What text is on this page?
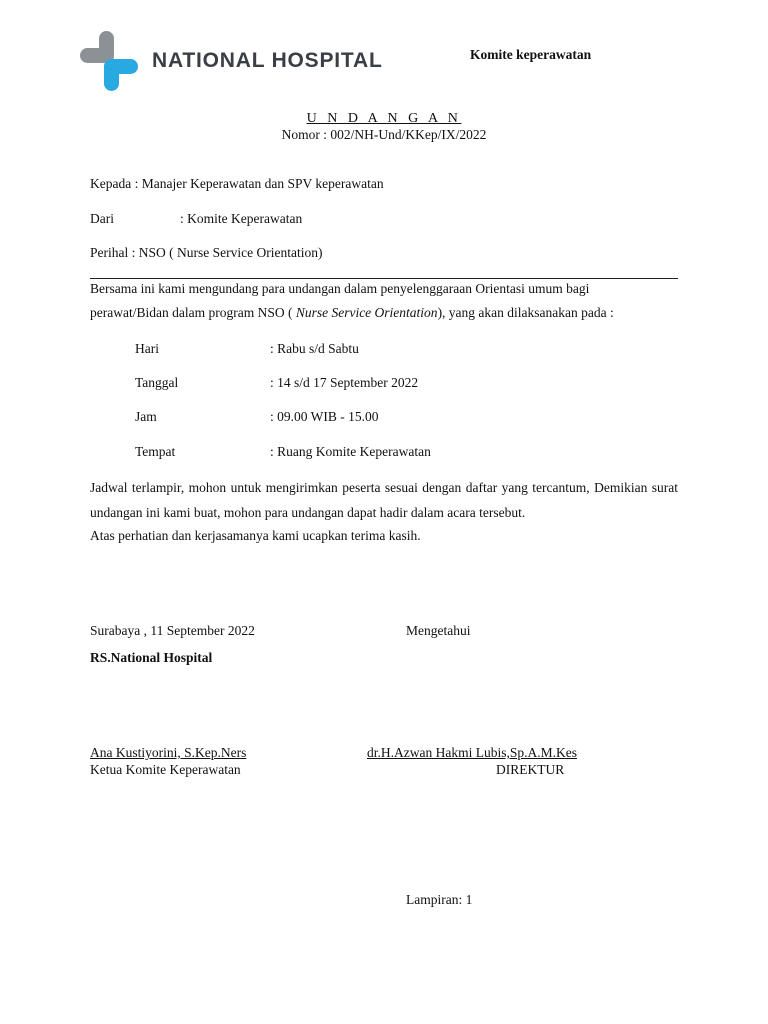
NATIONAL HOSPITAL	Komite keperawatan
U N D A N G A N
Nomor : 002/NH-Und/KKep/IX/2022
Kepada : Manajer Keperawatan dan SPV keperawatan
Dari	: Komite Keperawatan
Perihal : NSO ( Nurse Service Orientation)
Bersama ini kami mengundang para undangan dalam penyelenggaraan Orientasi umum bagi
perawat/Bidan dalam program NSO ( Nurse Service Orientation), yang akan dilaksanakan pada :
Hari	: Rabu s/d Sabtu
Tanggal	: 14 s/d 17 September 2022
Jam	: 09.00 WIB - 15.00
Tempat	: Ruang Komite Keperawatan
Jadwal terlampir, mohon untuk mengirimkan peserta sesuai dengan daftar yang tercantum, Demikian surat undangan ini kami buat, mohon para undangan dapat hadir dalam acara tersebut.
Atas perhatian dan kerjasamanya kami ucapkan terima kasih.
Surabaya , 11 September 2022	Mengetahui
RS.National Hospital
Ana Kustiyorini, S.Kep.Ners
Ketua Komite Keperawatan
dr.H.Azwan Hakmi Lubis,Sp.A.M.Kes
DIREKTUR
Lampiran: 1
